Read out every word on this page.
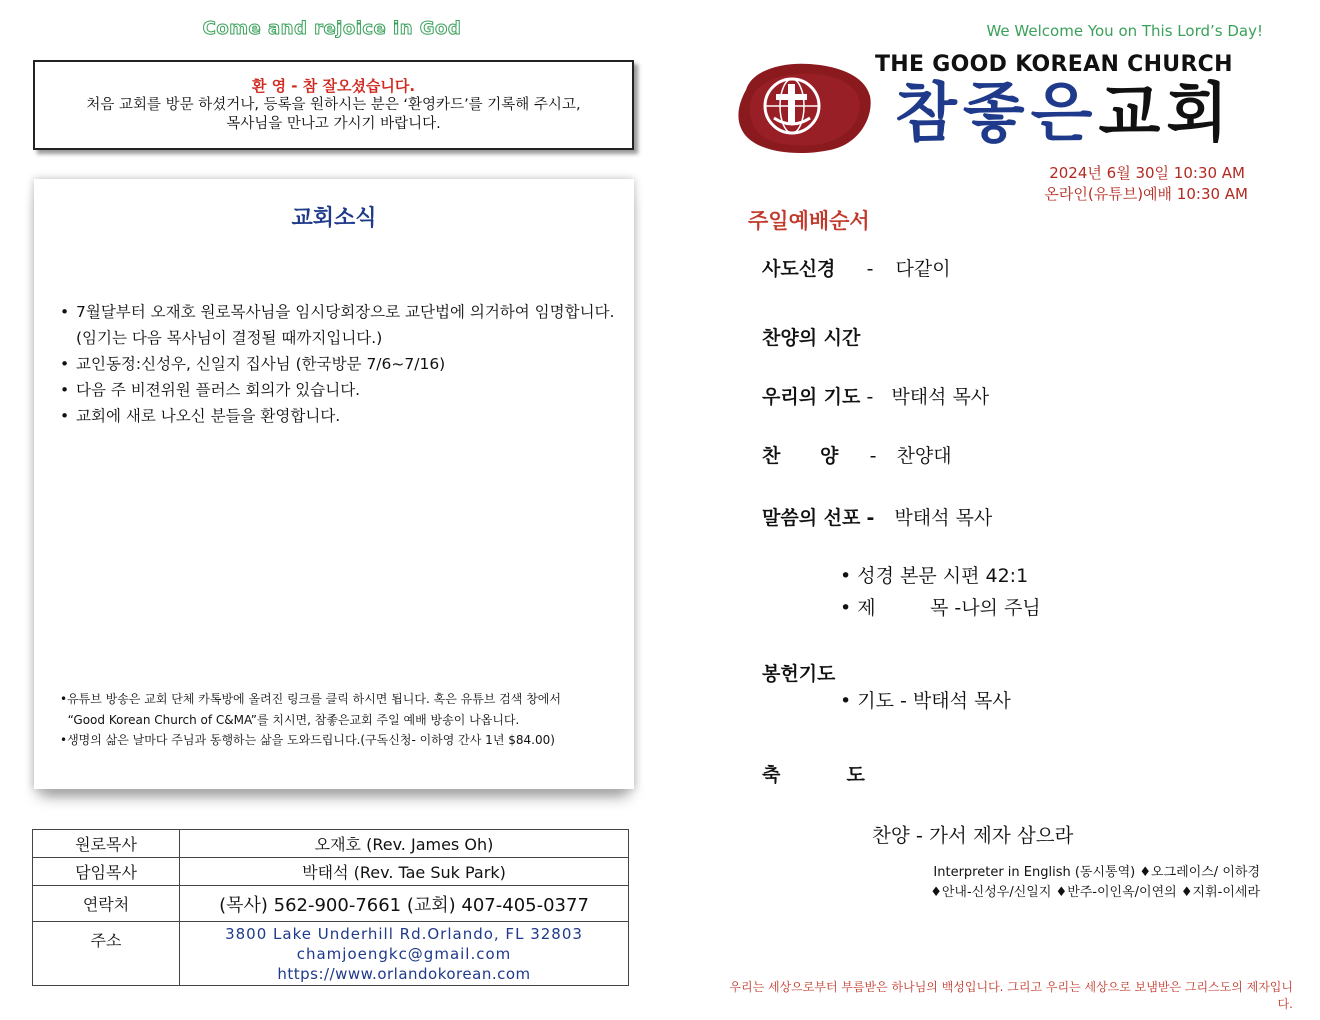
Come and rejoice in God
환 영 - 참 잘오셨습니다.
처음 교회를 방문 하셨거나, 등록을 원하시는 분은 ‘환영카드’를 기록해 주시고,
목사님을 만나고 가시기 바랍니다.
교회소식
• 7월달부터 오재호 원로목사님을 임시당회장으로 교단법에 의거하여 임명합니다. (임기는 다음 목사님이 결정될 때까지입니다.)
• 교인동정:신성우, 신일지 집사님 (한국방문 7/6~7/16)
• 다음 주 비젼위원 플러스 회의가 있습니다.
• 교회에 새로 나오신 분들을 환영합니다.
•유튜브 방송은 교회 단체 카톡방에 올려진 링크를 클릭 하시면 됩니다. 혹은 유튜브 검색 창에서
“Good Korean Church of C&MA”를 치시면, 참좋은교회 주일 예배 방송이 나옵니다.
•생명의 삶은 날마다 주님과 동행하는 삶을 도와드립니다.(구독신청- 이하영 간사 1년 $84.00)
원로목사	오재호 (Rev. James Oh)
담임목사	박태석 (Rev. Tae Suk Park)
연락처	(목사) 562-900-7661 (교회) 407-405-0377
주소	3800 Lake Underhill Rd.Orlando, FL 32803
chamjoengkc@gmail.com
https://www.orlandokorean.com
We Welcome You on This Lord’s Day!
THE GOOD KOREAN CHURCH
참좋은교회
2024년 6월 30일 10:30 AM
온라인(유튜브)예배 10:30 AM
주일예배순서
사도신경 - 다같이
찬양의 시간
우리의 기도 - 박태석 목사
찬      양 - 찬양대
말씀의 선포 - 박태석 목사
• 성경 본문 시편 42:1
• 제         목 -나의 주님
봉헌기도
• 기도 - 박태석 목사
축          도
찬양 - 가서 제자 삼으라
Interpreter in English (동시통역) ♦오그레이스/ 이하경
♦안내-신성우/신일지 ♦반주-이인옥/이연의 ♦지휘-이세라
우리는 세상으로부터 부름받은 하나님의 백성입니다. 그리고 우리는 세상으로 보냄받은 그리스도의 제자입니다.
